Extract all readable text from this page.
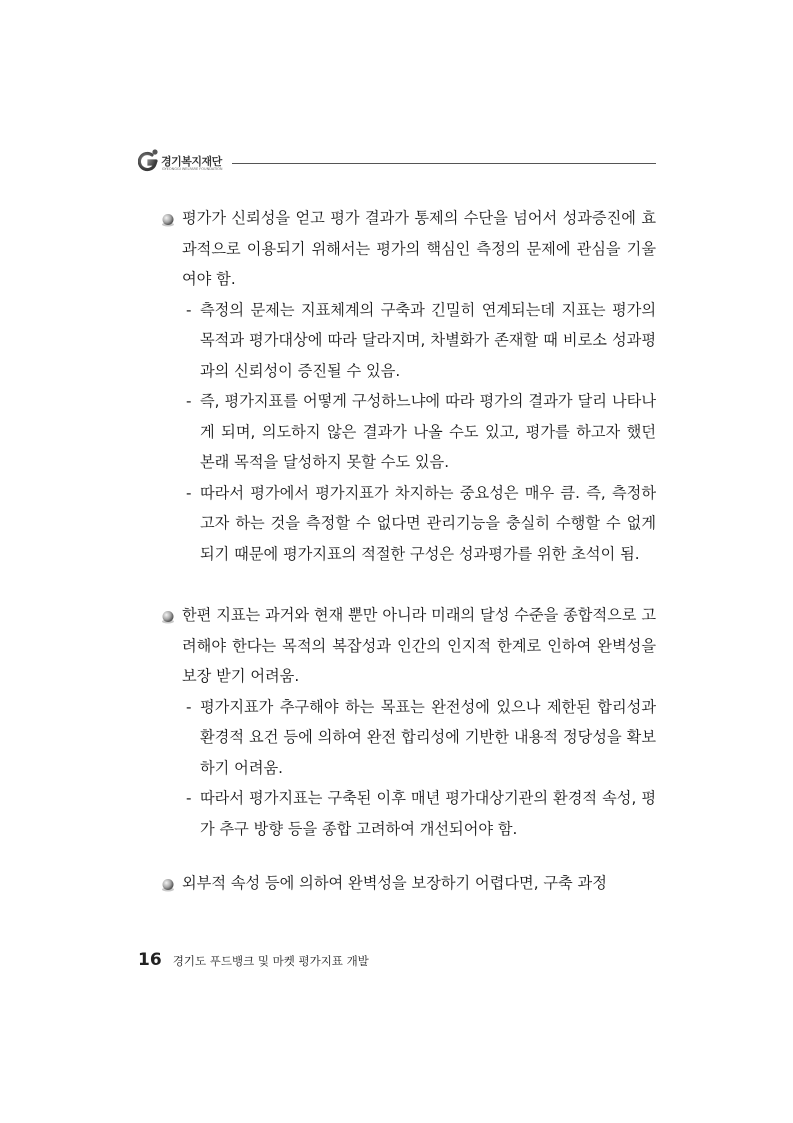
경기복지재단
GYEONGGI WELFARE FOUNDATION
평가가 신뢰성을 얻고 평가 결과가 통제의 수단을 넘어서 성과증진에 효과적으로 이용되기 위해서는 평가의 핵심인 측정의 문제에 관심을 기울여야 함.
- 측정의 문제는 지표체계의 구축과 긴밀히 연계되는데 지표는 평가의 목적과 평가대상에 따라 달라지며, 차별화가 존재할 때 비로소 성과평과의 신뢰성이 증진될 수 있음.
- 즉, 평가지표를 어떻게 구성하느냐에 따라 평가의 결과가 달리 나타나게 되며, 의도하지 않은 결과가 나올 수도 있고, 평가를 하고자 했던 본래 목적을 달성하지 못할 수도 있음.
- 따라서 평가에서 평가지표가 차지하는 중요성은 매우 큼. 즉, 측정하고자 하는 것을 측정할 수 없다면 관리기능을 충실히 수행할 수 없게 되기 때문에 평가지표의 적절한 구성은 성과평가를 위한 초석이 됨.
한편 지표는 과거와 현재 뿐만 아니라 미래의 달성 수준을 종합적으로 고려해야 한다는 목적의 복잡성과 인간의 인지적 한계로 인하여 완벽성을 보장 받기 어려움.
- 평가지표가 추구해야 하는 목표는 완전성에 있으나 제한된 합리성과 환경적 요건 등에 의하여 완전 합리성에 기반한 내용적 정당성을 확보하기 어려움.
- 따라서 평가지표는 구축된 이후 매년 평가대상기관의 환경적 속성, 평가 추구 방향 등을 종합 고려하여 개선되어야 함.
외부적 속성 등에 의하여 완벽성을 보장하기 어렵다면, 구축 과정
16 경기도 푸드뱅크 및 마켓 평가지표 개발
